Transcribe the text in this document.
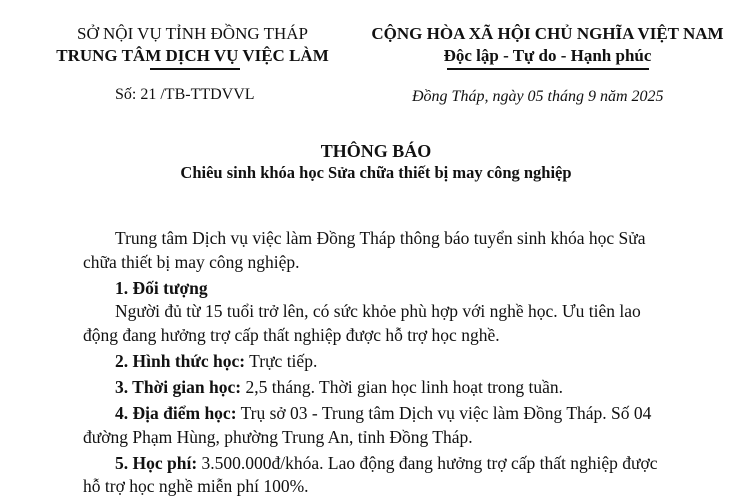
SỞ NỘI VỤ TỈNH ĐỒNG THÁP
TRUNG TÂM DỊCH VỤ VIỆC LÀM
Số: 21 /TB-TTDVVL
CỘNG HÒA XÃ HỘI CHỦ NGHĨA VIỆT NAM
Độc lập - Tự do - Hạnh phúc
Đồng Tháp, ngày 05 tháng 9 năm 2025
THÔNG BÁO
Chiêu sinh khóa học Sửa chữa thiết bị may công nghiệp
Trung tâm Dịch vụ việc làm Đồng Tháp thông báo tuyển sinh khóa học Sửa
chữa thiết bị may công nghiệp.
1. Đối tượng
Người đủ từ 15 tuổi trở lên, có sức khỏe phù hợp với nghề học. Ưu tiên lao
động đang hưởng trợ cấp thất nghiệp được hỗ trợ học nghề.
2. Hình thức học: Trực tiếp.
3. Thời gian học: 2,5 tháng. Thời gian học linh hoạt trong tuần.
4. Địa điểm học: Trụ sở 03 - Trung tâm Dịch vụ việc làm Đồng Tháp. Số 04
đường Phạm Hùng, phường Trung An, tỉnh Đồng Tháp.
5. Học phí: 3.500.000đ/khóa. Lao động đang hưởng trợ cấp thất nghiệp được
hỗ trợ học nghề miễn phí 100%.
